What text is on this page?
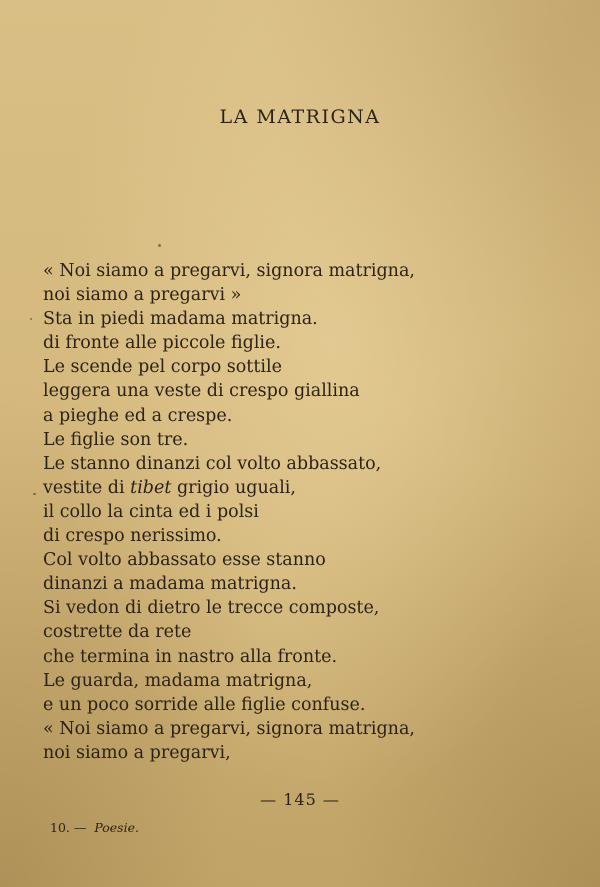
LA MATRIGNA
« Noi siamo a pregarvi, signora matrigna,
noi siamo a pregarvi »
Sta in piedi madama matrigna.
di fronte alle piccole figlie.
Le scende pel corpo sottile
leggera una veste di crespo giallina
a pieghe ed a crespe.
Le figlie son tre.
Le stanno dinanzi col volto abbassato,
vestite di tibet grigio uguali,
il collo la cinta ed i polsi
di crespo nerissimo.
Col volto abbassato esse stanno
dinanzi a madama matrigna.
Si vedon di dietro le trecce composte,
costrette da rete
che termina in nastro alla fronte.
Le guarda, madama matrigna,
e un poco sorride alle figlie confuse.
« Noi siamo a pregarvi, signora matrigna,
noi siamo a pregarvi,
— 145 —
10. — Poesie.
